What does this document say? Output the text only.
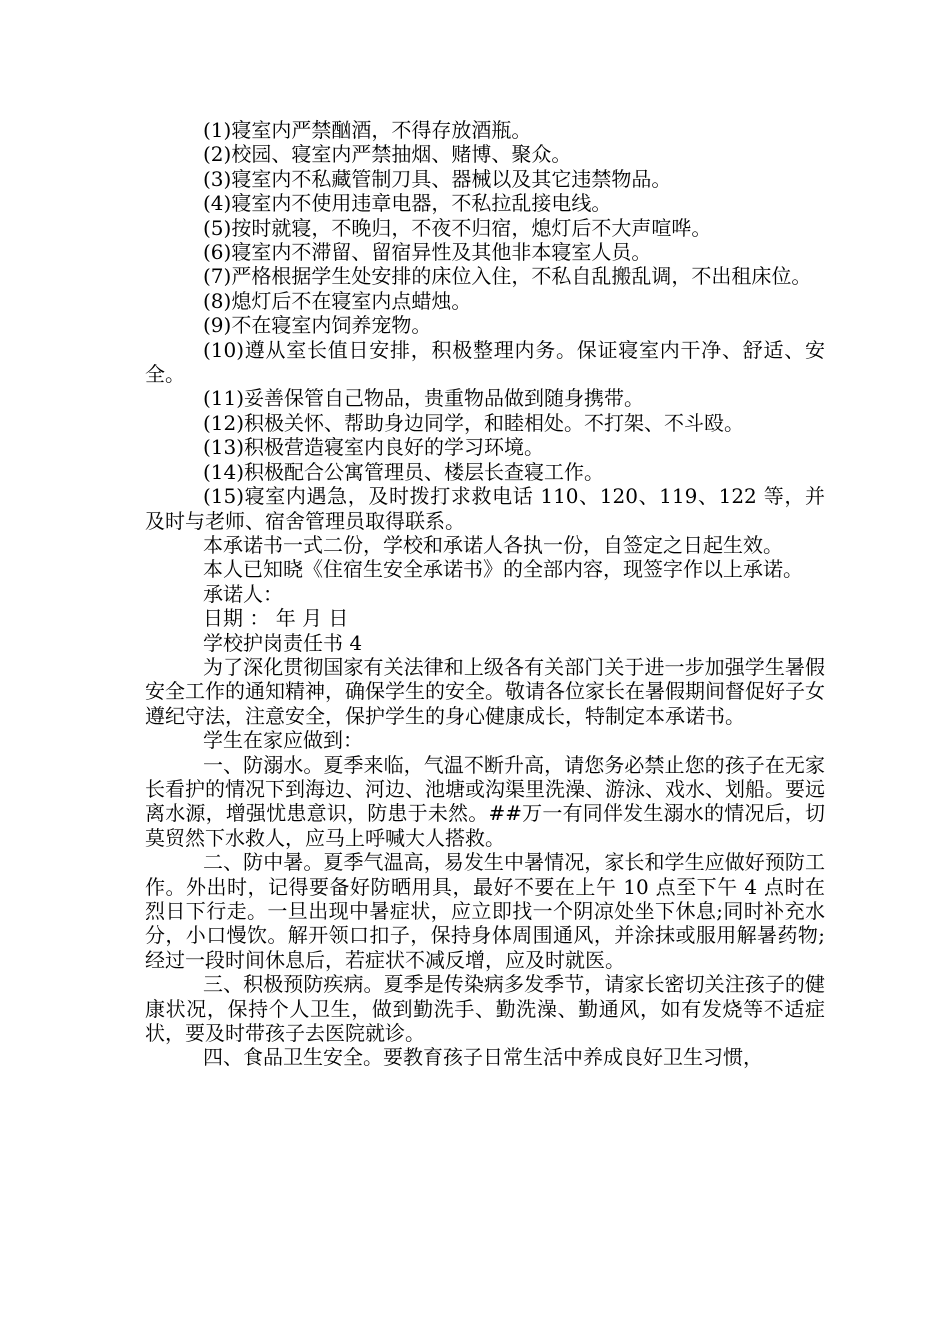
(1)寝室内严禁酗酒，不得存放酒瓶。

(2)校园、寝室内严禁抽烟、赌博、聚众。

(3)寝室内不私藏管制刀具、器械以及其它违禁物品。

(4)寝室内不使用违章电器，不私拉乱接电线。

(5)按时就寝，不晚归，不夜不归宿，熄灯后不大声喧哗。

(6)寝室内不滞留、留宿异性及其他非本寝室人员。

(7)严格根据学生处安排的床位入住，不私自乱搬乱调，不出租床位。

(8)熄灯后不在寝室内点蜡烛。

(9)不在寝室内饲养宠物。

(10)遵从室长值日安排，积极整理内务。保证寝室内干净、舒适、安全。

(11)妥善保管自己物品，贵重物品做到随身携带。

(12)积极关怀、帮助身边同学，和睦相处。不打架、不斗殴。

(13)积极营造寝室内良好的学习环境。

(14)积极配合公寓管理员、楼层长查寝工作。

(15)寝室内遇急，及时拨打求救电话 110、120、119、122 等，并及时与老师、宿舍管理员取得联系。

本承诺书一式二份，学校和承诺人各执一份，自签定之日起生效。

本人已知晓《住宿生安全承诺书》的全部内容，现签字作以上承诺。

承诺人：

日期 ： 年 月 日

学校护岗责任书 4

为了深化贯彻国家有关法律和上级各有关部门关于进一步加强学生暑假安全工作的通知精神，确保学生的安全。敬请各位家长在暑假期间督促好子女遵纪守法，注意安全，保护学生的身心健康成长，特制定本承诺书。

学生在家应做到：

一、防溺水。夏季来临，气温不断升高，请您务必禁止您的孩子在无家长看护的情况下到海边、河边、池塘或沟渠里洗澡、游泳、戏水、划船。要远离水源，增强忧患意识，防患于未然。##万一有同伴发生溺水的情况后，切莫贸然下水救人，应马上呼喊大人搭救。

二、防中暑。夏季气温高，易发生中暑情况，家长和学生应做好预防工作。外出时，记得要备好防晒用具，最好不要在上午 10 点至下午 4 点时在烈日下行走。一旦出现中暑症状，应立即找一个阴凉处坐下休息;同时补充水分，小口慢饮。解开领口扣子，保持身体周围通风，并涂抹或服用解暑药物;经过一段时间休息后，若症状不减反增，应及时就医。

三、积极预防疾病。夏季是传染病多发季节，请家长密切关注孩子的健康状况，保持个人卫生，做到勤洗手、勤洗澡、勤通风，如有发烧等不适症状，要及时带孩子去医院就诊。

四、食品卫生安全。要教育孩子日常生活中养成良好卫生习惯，
